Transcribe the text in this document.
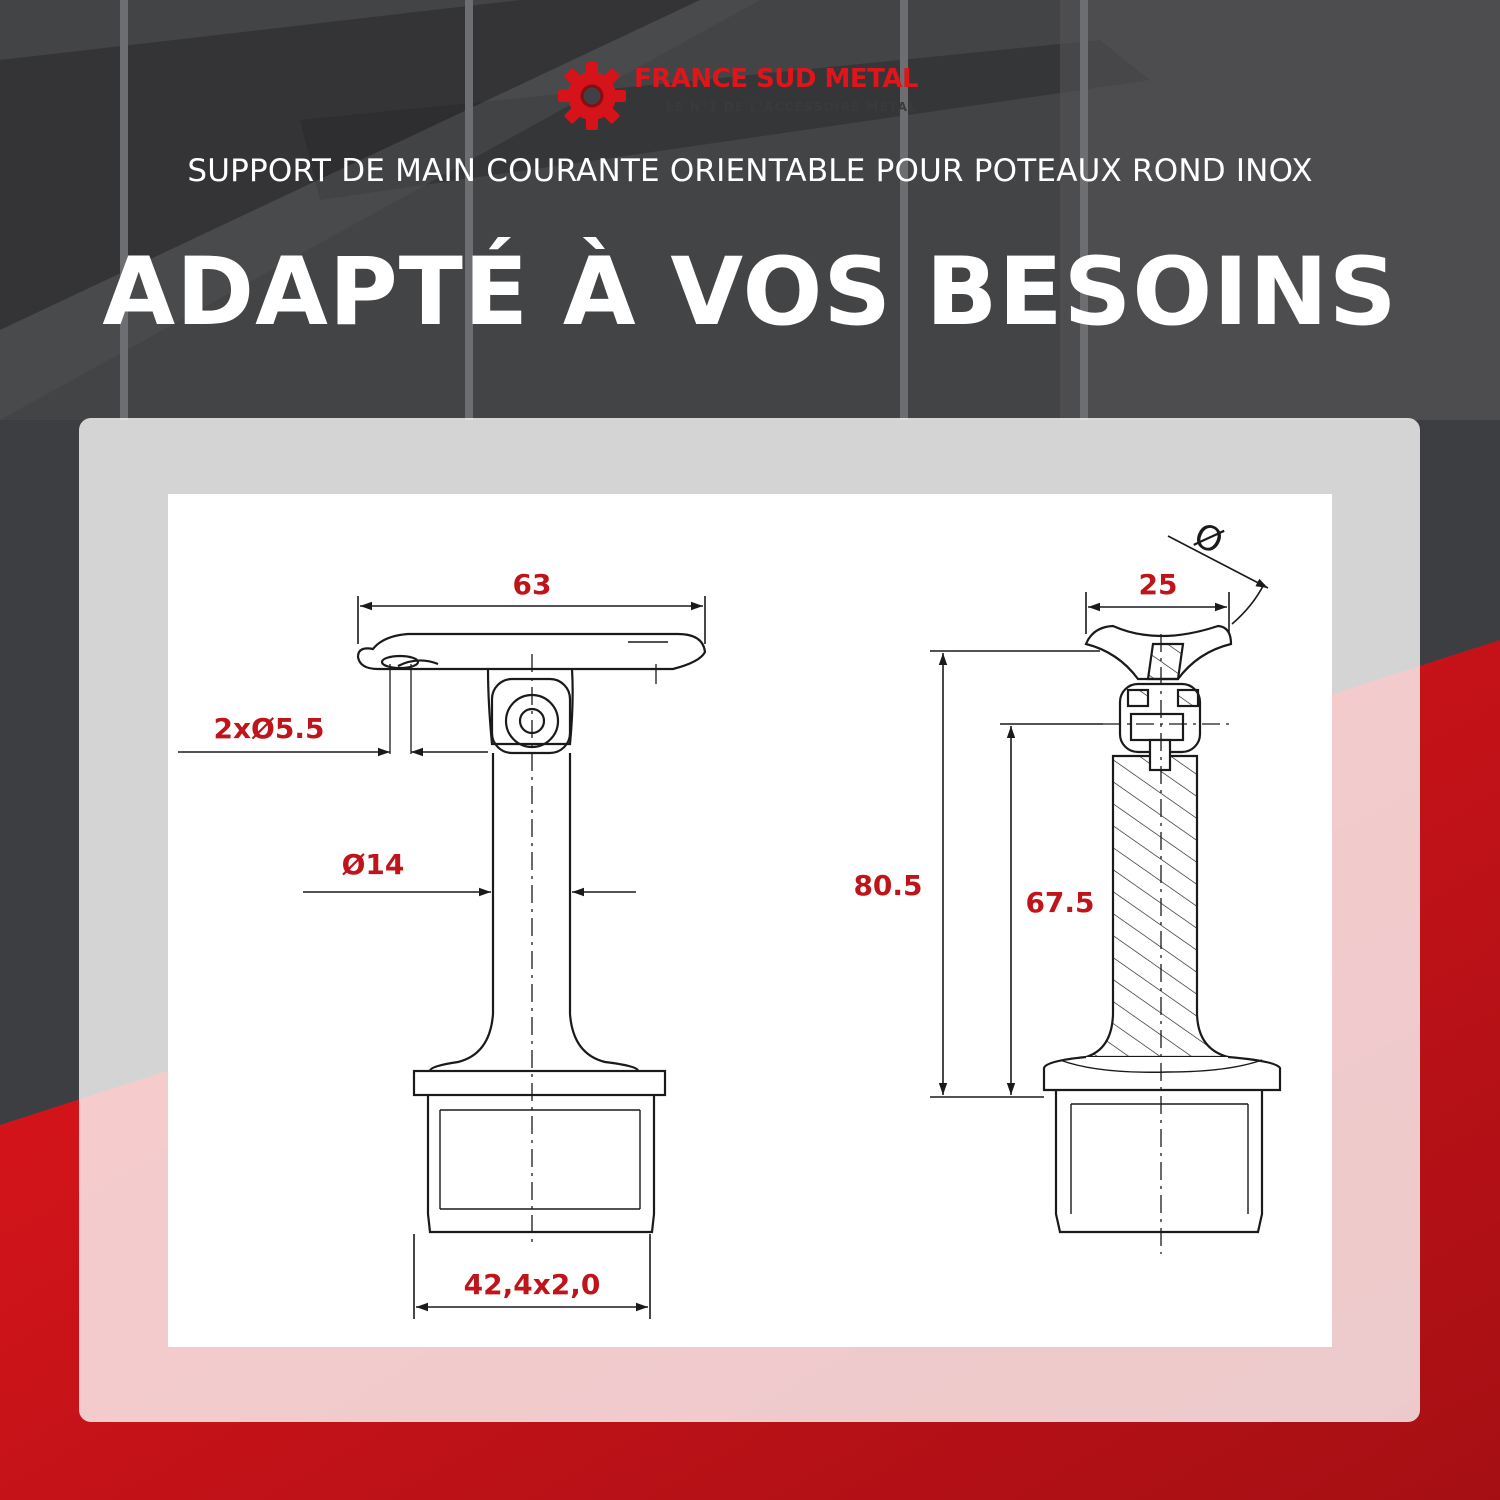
FRANCE SUD METAL
LE N°1 DE L'ACCESSOIRE MÉTAL
SUPPORT DE MAIN COURANTE ORIENTABLE POUR POTEAUX ROND INOX
ADAPTÉ À VOS BESOINS
63
2xØ5.5
Ø14
42,4x2,0
25
Ø
80.5
67.5
